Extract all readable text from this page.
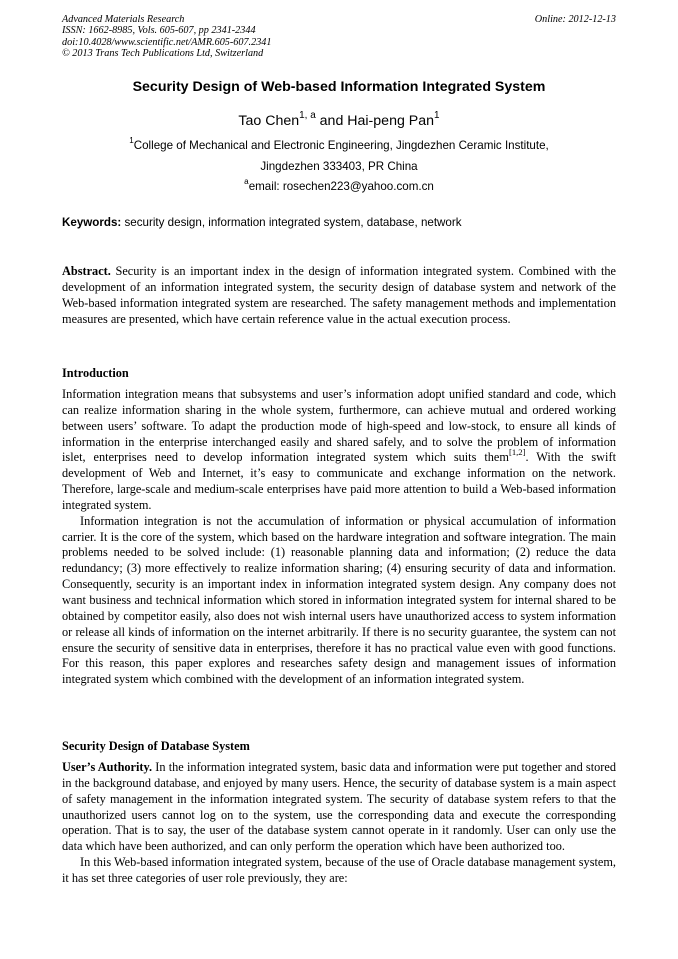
Advanced Materials Research
ISSN: 1662-8985, Vols. 605-607, pp 2341-2344
doi:10.4028/www.scientific.net/AMR.605-607.2341
© 2013 Trans Tech Publications Ltd, Switzerland
Online: 2012-12-13
Security Design of Web-based Information Integrated System
Tao Chen$^{1, a}$ and Hai-peng Pan$^1$
$^1$College of Mechanical and Electronic Engineering, Jingdezhen Ceramic Institute,
Jingdezhen 333403, PR China
$^a$email: rosechen223@yahoo.com.cn
Keywords: security design, information integrated system, database, network

Abstract. Security is an important index in the design of information integrated system. Combined with the development of an information integrated system, the security design of database system and network of the Web-based information integrated system are researched. The safety management methods and implementation measures are presented, which have certain reference value in the actual execution process.

Introduction

Information integration means that subsystems and user’s information adopt unified standard and code, which can realize information sharing in the whole system, furthermore, can achieve mutual and ordered working between users’ software. To adapt the production mode of high-speed and low-stock, to ensure all kinds of information in the enterprise interchanged easily and shared safely, and to solve the problem of information islet, enterprises need to develop information integrated system which suits them[1,2]. With the swift development of Web and Internet, it’s easy to communicate and exchange information on the network. Therefore, large-scale and medium-scale enterprises have paid more attention to build a Web-based information integrated system.

Information integration is not the accumulation of information or physical accumulation of information carrier. It is the core of the system, which based on the hardware integration and software integration. The main problems needed to be solved include: (1) reasonable planning data and information; (2) reduce the data redundancy; (3) more effectively to realize information sharing; (4) ensuring security of data and information. Consequently, security is an important index in information integrated system design. Any company does not want business and technical information which stored in information integrated system for internal shared to be obtained by competitor easily, also does not wish internal users have unauthorized access to system information or release all kinds of information on the internet arbitrarily. If there is no security guarantee, the system can not ensure the security of sensitive data in enterprises, therefore it has no practical value even with good functions. For this reason, this paper explores and researches safety design and management issues of information integrated system which combined with the development of an information integrated system.

Security Design of Database System

User’s Authority. In the information integrated system, basic data and information were put together and stored in the background database, and enjoyed by many users. Hence, the security of database system is a main aspect of safety management in the information integrated system. The security of database system refers to that the unauthorized users cannot log on to the system, use the corresponding data and execute the corresponding operation. That is to say, the user of the database system cannot operate in it randomly. User can only use the data which have been authorized, and can only perform the operation which have been authorized too.

In this Web-based information integrated system, because of the use of Oracle database management system, it has set three categories of user role previously, they are:
